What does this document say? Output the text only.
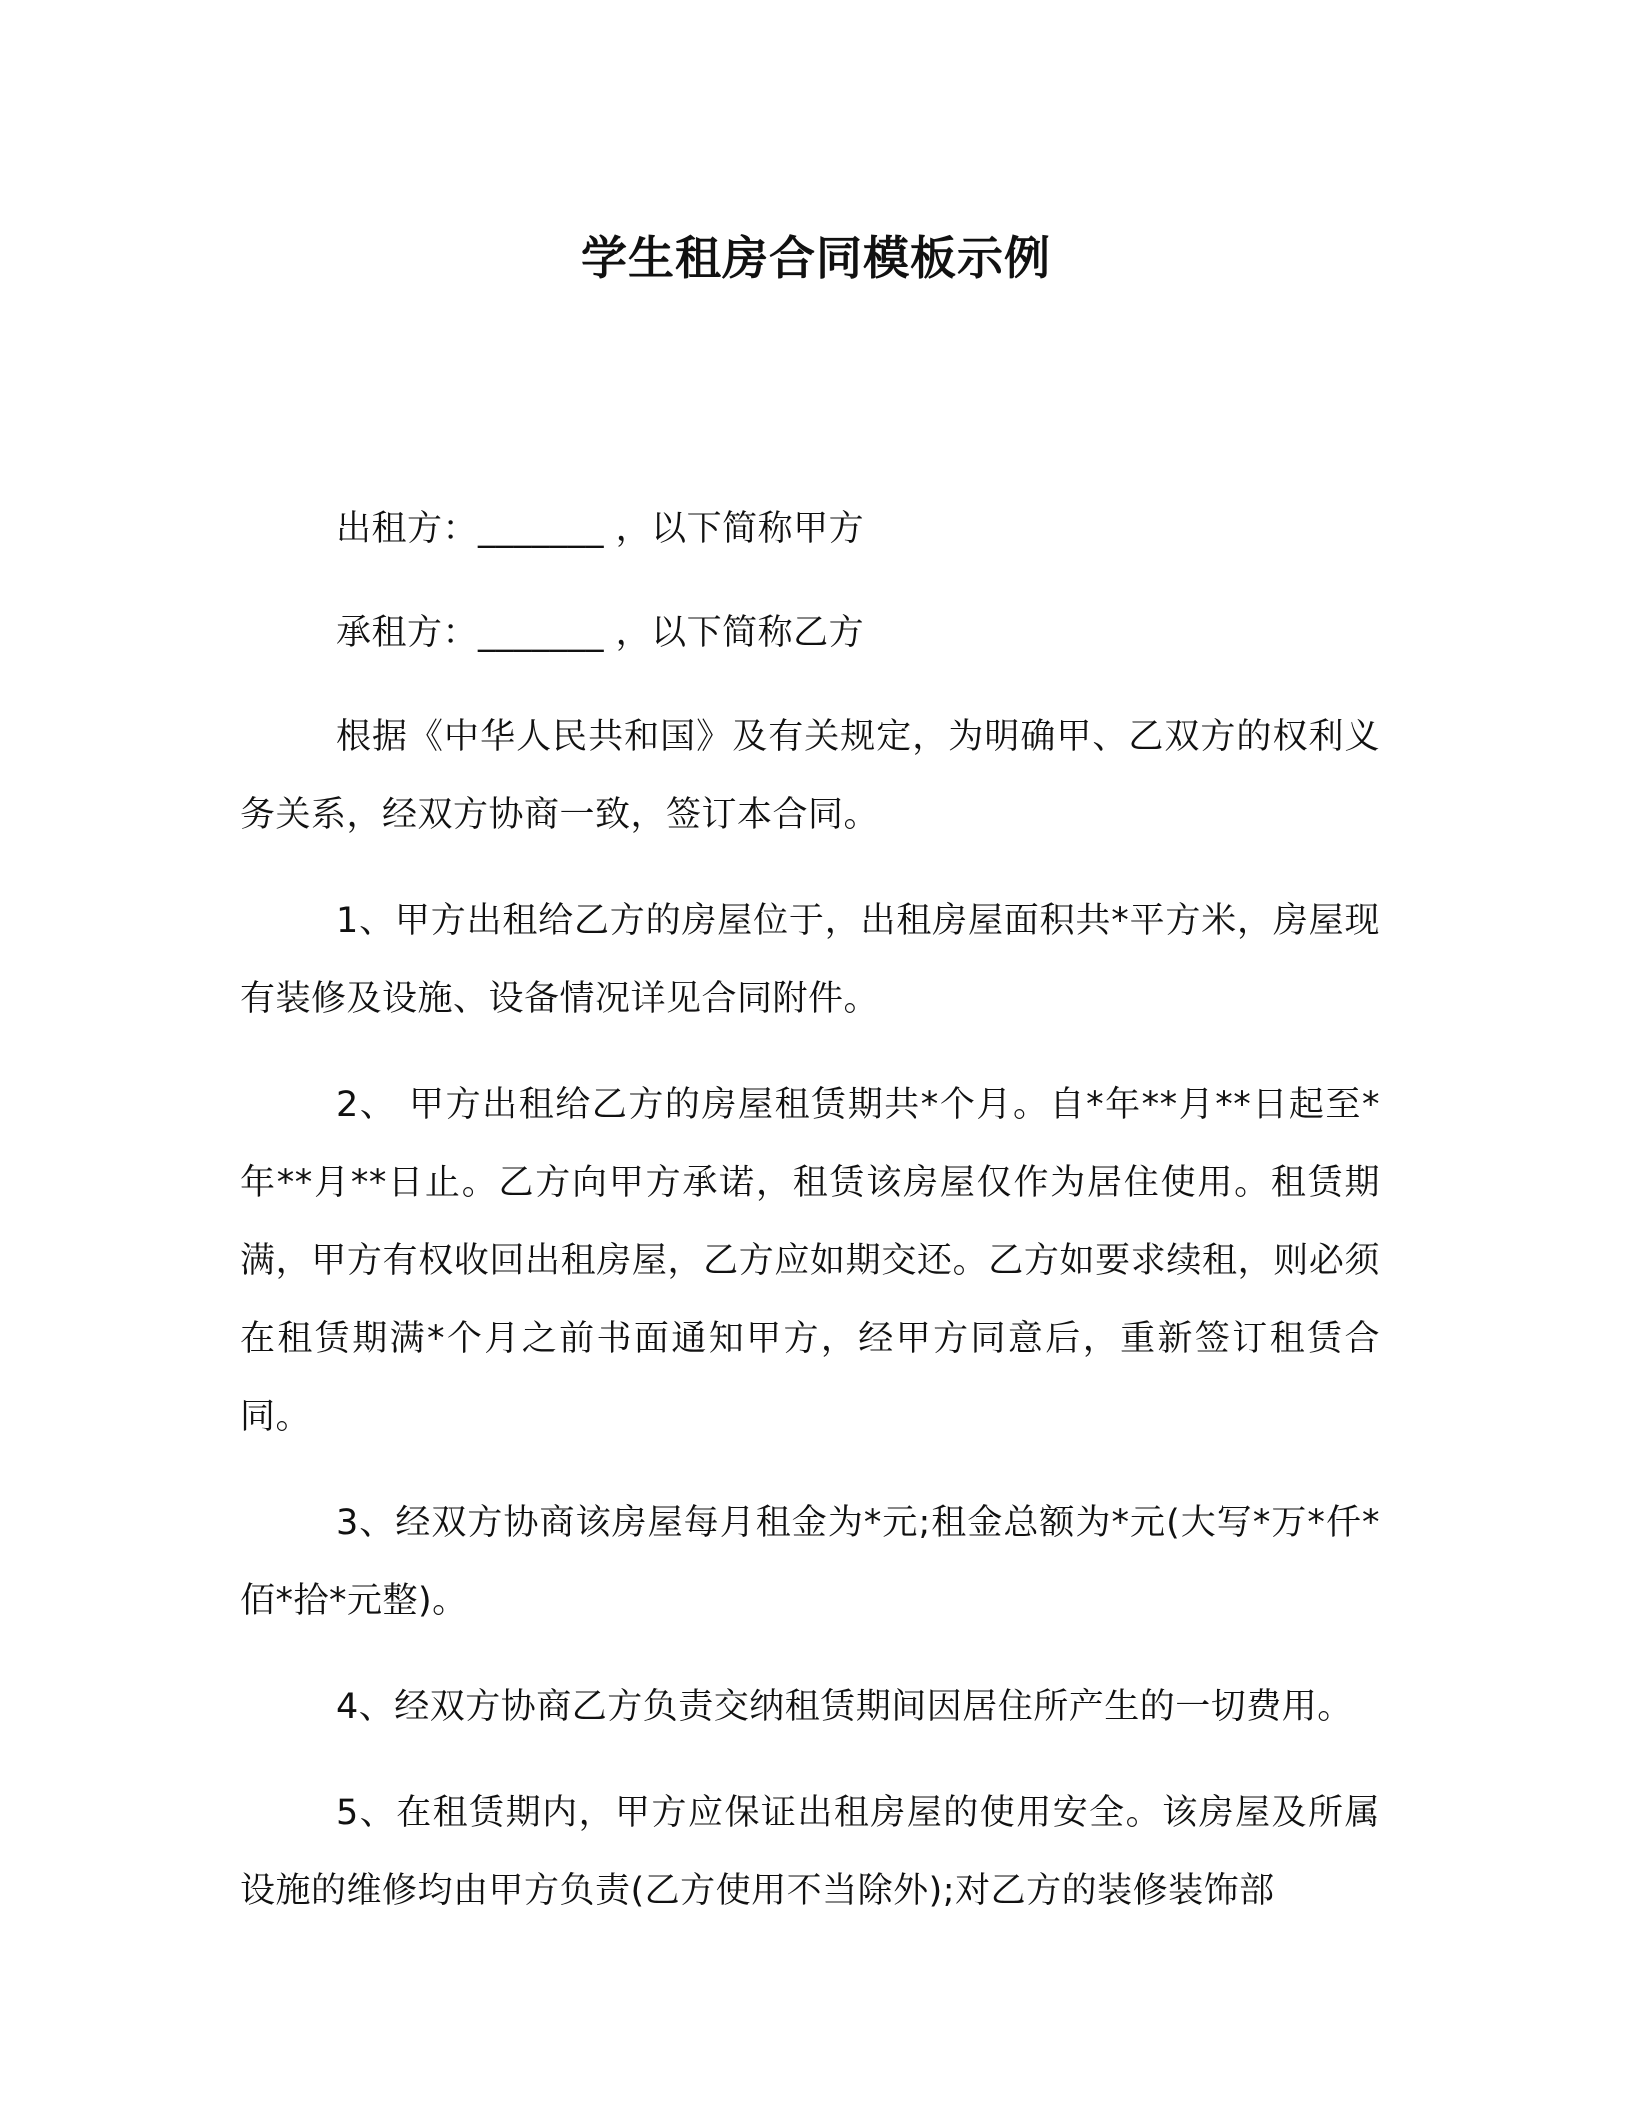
学生租房合同模板示例

出租方：_______ ，以下简称甲方

承租方：_______ ，以下简称乙方

根据《中华人民共和国》及有关规定，为明确甲、乙双方的权利义务关系，经双方协商一致，签订本合同。

1、甲方出租给乙方的房屋位于，出租房屋面积共*平方米，房屋现有装修及设施、设备情况详见合同附件。

2、 甲方出租给乙方的房屋租赁期共*个月。自*年**月**日起至*年**月**日止。乙方向甲方承诺，租赁该房屋仅作为居住使用。租赁期满，甲方有权收回出租房屋，乙方应如期交还。乙方如要求续租，则必须在租赁期满*个月之前书面通知甲方，经甲方同意后，重新签订租赁合同。

3、经双方协商该房屋每月租金为*元;租金总额为*元(大写*万*仟*佰*拾*元整)。

4、经双方协商乙方负责交纳租赁期间因居住所产生的一切费用。

5、在租赁期内，甲方应保证出租房屋的使用安全。该房屋及所属设施的维修均由甲方负责(乙方使用不当除外);对乙方的装修装饰部
